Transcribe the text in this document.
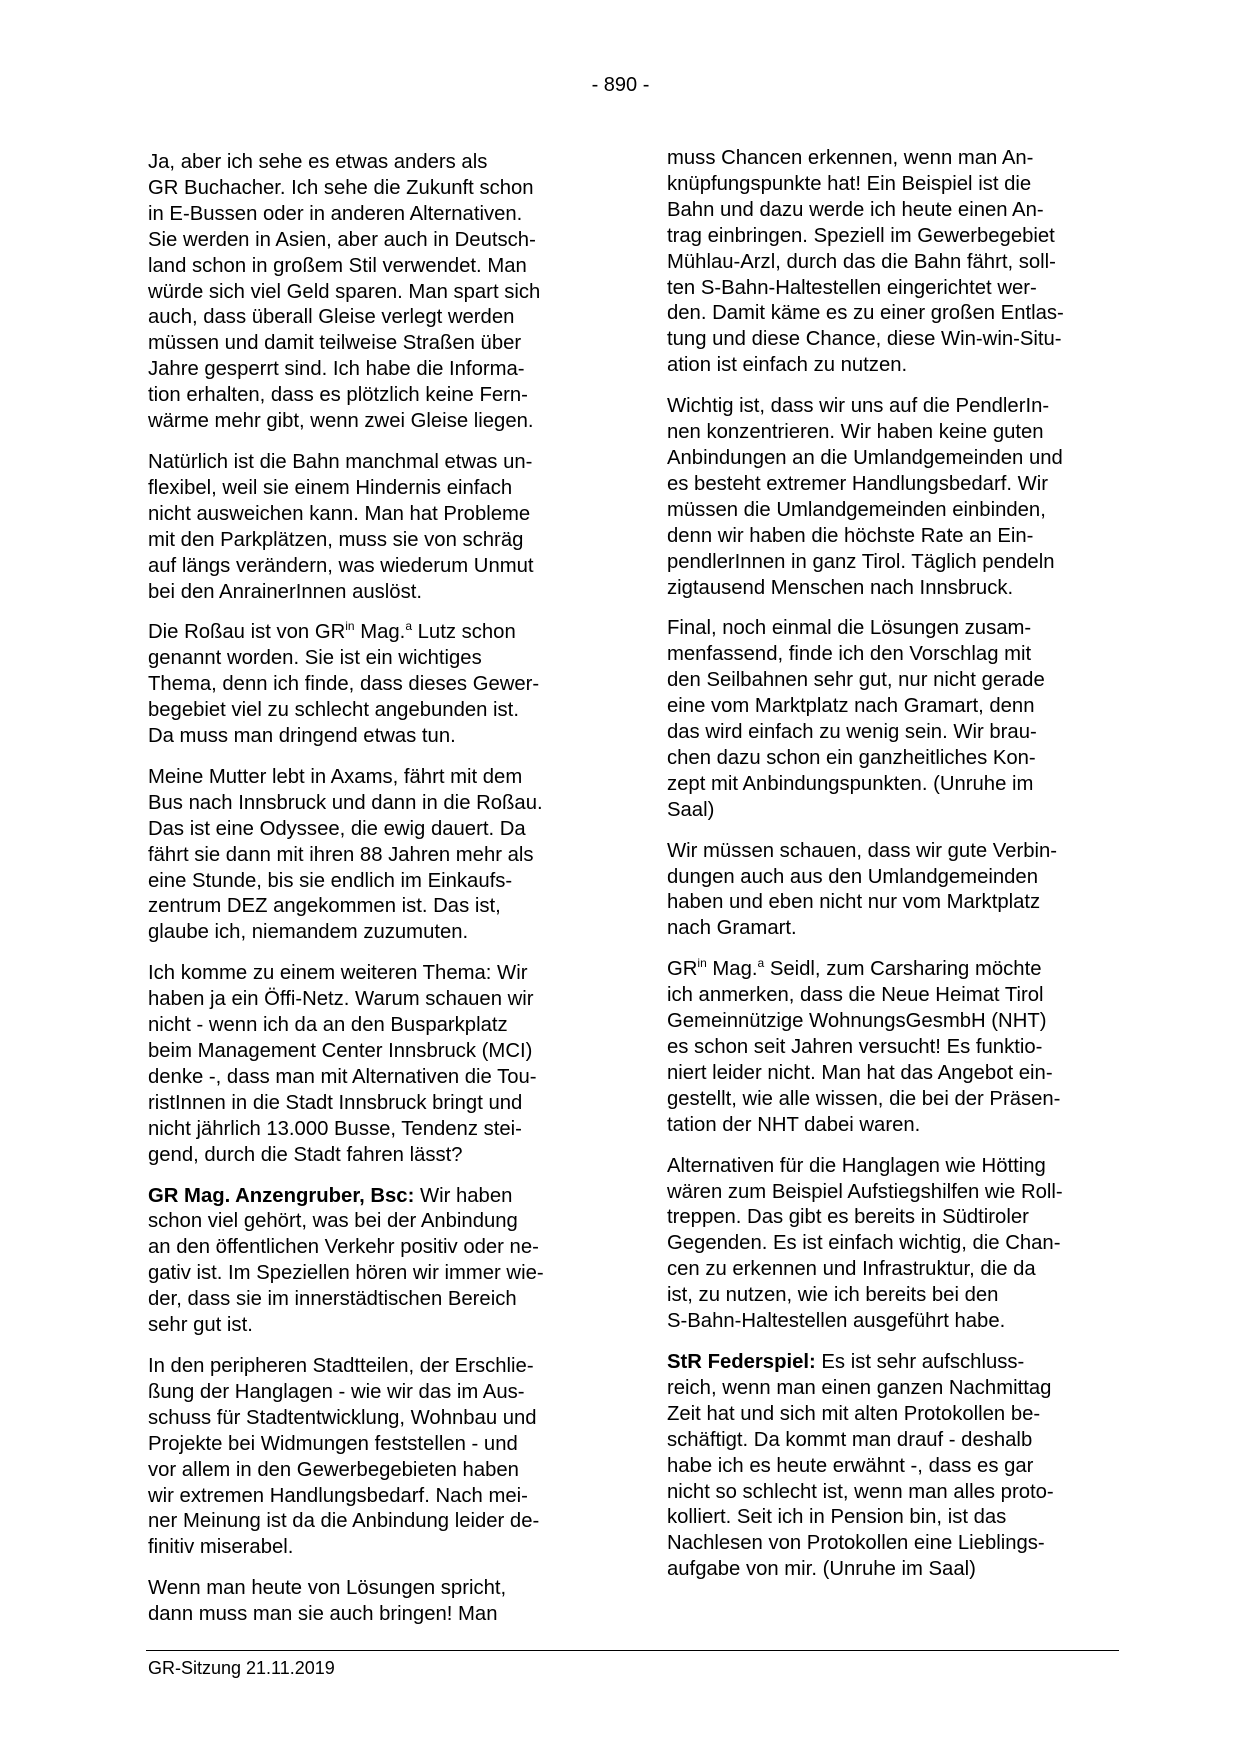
- 890 -

Ja, aber ich sehe es etwas anders als
GR Buchacher. Ich sehe die Zukunft schon
in E-Bussen oder in anderen Alternativen.
Sie werden in Asien, aber auch in Deutsch-
land schon in großem Stil verwendet. Man
würde sich viel Geld sparen. Man spart sich
auch, dass überall Gleise verlegt werden
müssen und damit teilweise Straßen über
Jahre gesperrt sind. Ich habe die Informa-
tion erhalten, dass es plötzlich keine Fern-
wärme mehr gibt, wenn zwei Gleise liegen.

Natürlich ist die Bahn manchmal etwas un-
flexibel, weil sie einem Hindernis einfach
nicht ausweichen kann. Man hat Probleme
mit den Parkplätzen, muss sie von schräg
auf längs verändern, was wiederum Unmut
bei den AnrainerInnen auslöst.

Die Roßau ist von $GR^{in}$ Mag.$^a$ Lutz schon
genannt worden. Sie ist ein wichtiges
Thema, denn ich finde, dass dieses Gewer-
begebiet viel zu schlecht angebunden ist.
Da muss man dringend etwas tun.

Meine Mutter lebt in Axams, fährt mit dem
Bus nach Innsbruck und dann in die Roßau.
Das ist eine Odyssee, die ewig dauert. Da
fährt sie dann mit ihren 88 Jahren mehr als
eine Stunde, bis sie endlich im Einkaufs-
zentrum DEZ angekommen ist. Das ist,
glaube ich, niemandem zuzumuten.

Ich komme zu einem weiteren Thema: Wir
haben ja ein Öffi-Netz. Warum schauen wir
nicht - wenn ich da an den Busparkplatz
beim Management Center Innsbruck (MCI)
denke -, dass man mit Alternativen die Tou-
ristInnen in die Stadt Innsbruck bringt und
nicht jährlich 13.000 Busse, Tendenz stei-
gend, durch die Stadt fahren lässt?

GR Mag. Anzengruber, Bsc: Wir haben
schon viel gehört, was bei der Anbindung
an den öffentlichen Verkehr positiv oder ne-
gativ ist. Im Speziellen hören wir immer wie-
der, dass sie im innerstädtischen Bereich
sehr gut ist.

In den peripheren Stadtteilen, der Erschlie-
ßung der Hanglagen - wie wir das im Aus-
schuss für Stadtentwicklung, Wohnbau und
Projekte bei Widmungen feststellen - und
vor allem in den Gewerbegebieten haben
wir extremen Handlungsbedarf. Nach mei-
ner Meinung ist da die Anbindung leider de-
finitiv miserabel.

Wenn man heute von Lösungen spricht,
dann muss man sie auch bringen! Man

muss Chancen erkennen, wenn man An-
knüpfungspunkte hat! Ein Beispiel ist die
Bahn und dazu werde ich heute einen An-
trag einbringen. Speziell im Gewerbegebiet
Mühlau-Arzl, durch das die Bahn fährt, soll-
ten S-Bahn-Haltestellen eingerichtet wer-
den. Damit käme es zu einer großen Entlas-
tung und diese Chance, diese Win-win-Situ-
ation ist einfach zu nutzen.

Wichtig ist, dass wir uns auf die PendlerIn-
nen konzentrieren. Wir haben keine guten
Anbindungen an die Umlandgemeinden und
es besteht extremer Handlungsbedarf. Wir
müssen die Umlandgemeinden einbinden,
denn wir haben die höchste Rate an Ein-
pendlerInnen in ganz Tirol. Täglich pendeln
zigtausend Menschen nach Innsbruck.

Final, noch einmal die Lösungen zusam-
menfassend, finde ich den Vorschlag mit
den Seilbahnen sehr gut, nur nicht gerade
eine vom Marktplatz nach Gramart, denn
das wird einfach zu wenig sein. Wir brau-
chen dazu schon ein ganzheitliches Kon-
zept mit Anbindungspunkten. (Unruhe im
Saal)

Wir müssen schauen, dass wir gute Verbin-
dungen auch aus den Umlandgemeinden
haben und eben nicht nur vom Marktplatz
nach Gramart.

$GR^{in}$ Mag.$^a$ Seidl, zum Carsharing möchte
ich anmerken, dass die Neue Heimat Tirol
Gemeinnützige WohnungsGesmbH (NHT)
es schon seit Jahren versucht! Es funktio-
niert leider nicht. Man hat das Angebot ein-
gestellt, wie alle wissen, die bei der Präsen-
tation der NHT dabei waren.

Alternativen für die Hanglagen wie Hötting
wären zum Beispiel Aufstiegshilfen wie Roll-
treppen. Das gibt es bereits in Südtiroler
Gegenden. Es ist einfach wichtig, die Chan-
cen zu erkennen und Infrastruktur, die da
ist, zu nutzen, wie ich bereits bei den
S-Bahn-Haltestellen ausgeführt habe.

StR Federspiel: Es ist sehr aufschluss-
reich, wenn man einen ganzen Nachmittag
Zeit hat und sich mit alten Protokollen be-
schäftigt. Da kommt man drauf - deshalb
habe ich es heute erwähnt -, dass es gar
nicht so schlecht ist, wenn man alles proto-
kolliert. Seit ich in Pension bin, ist das
Nachlesen von Protokollen eine Lieblings-
aufgabe von mir. (Unruhe im Saal)

GR-Sitzung 21.11.2019
